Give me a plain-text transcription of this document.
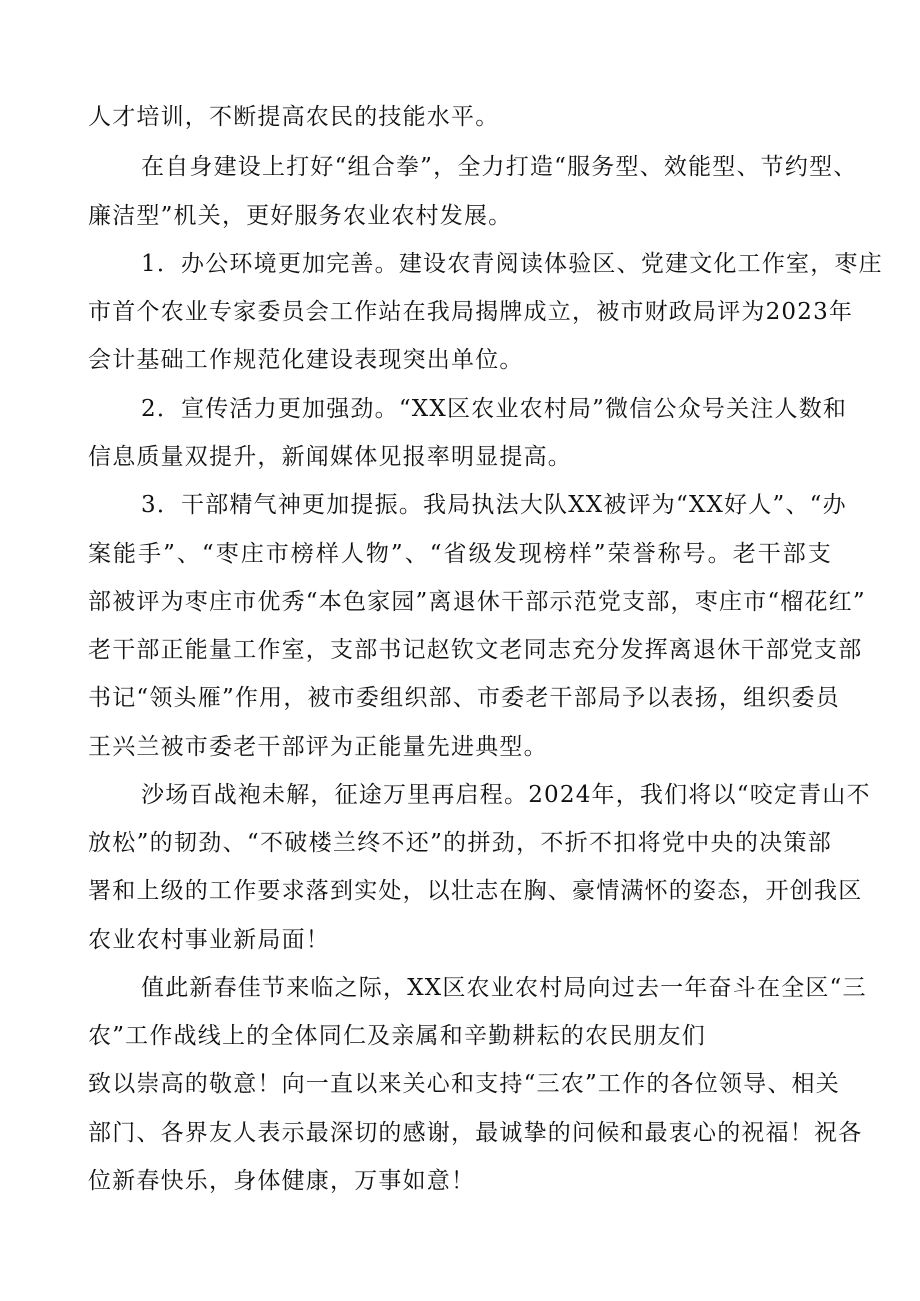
人才培训，不断提高农民的技能水平。
在自身建设上打好“组合拳”，全力打造“服务型、效能型、节约型、
廉洁型”机关，更好服务农业农村发展。
1．办公环境更加完善。建设农青阅读体验区、党建文化工作室，枣庄
市首个农业专家委员会工作站在我局揭牌成立，被市财政局评为2023年
会计基础工作规范化建设表现突出单位。
2．宣传活力更加强劲。“XX区农业农村局”微信公众号关注人数和
信息质量双提升，新闻媒体见报率明显提高。
3．干部精气神更加提振。我局执法大队XX被评为“XX好人”、“办
案能手”、“枣庄市榜样人物”、“省级发现榜样”荣誉称号。老干部支
部被评为枣庄市优秀“本色家园”离退休干部示范党支部，枣庄市“榴花红”
老干部正能量工作室，支部书记赵钦文老同志充分发挥离退休干部党支部
书记“领头雁”作用，被市委组织部、市委老干部局予以表扬，组织委员
王兴兰被市委老干部评为正能量先进典型。
沙场百战袍未解，征途万里再启程。2024年，我们将以“咬定青山不
放松”的韧劲、“不破楼兰终不还”的拼劲，不折不扣将党中央的决策部
署和上级的工作要求落到实处，以壮志在胸、豪情满怀的姿态，开创我区
农业农村事业新局面！
值此新春佳节来临之际，XX区农业农村局向过去一年奋斗在全区“三
农”工作战线上的全体同仁及亲属和辛勤耕耘的农民朋友们
致以崇高的敬意！向一直以来关心和支持“三农”工作的各位领导、相关
部门、各界友人表示最深切的感谢，最诚挚的问候和最衷心的祝福！祝各
位新春快乐，身体健康，万事如意！
